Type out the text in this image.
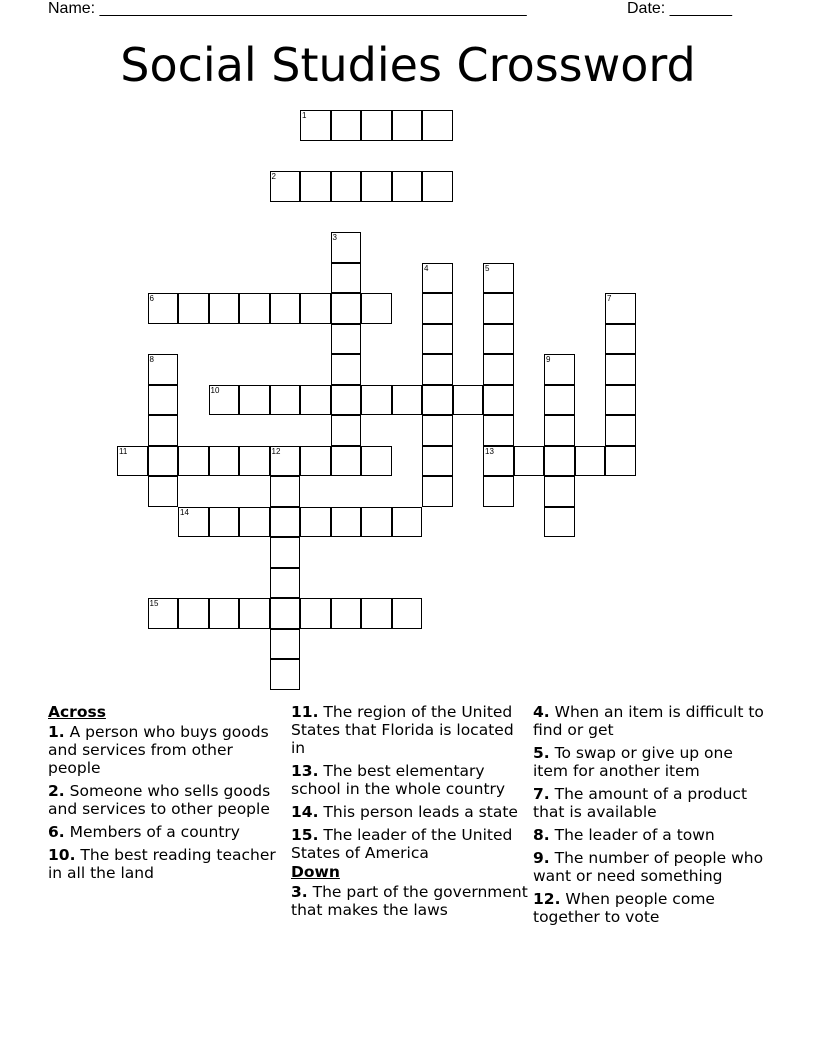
Name: ________________________________________________	Date: _______
Social Studies Crossword
1
2
3
4	5
13
6	7
8	9
10
11	12
14
15
Across
1. A person who buys goods and services from other people
2. Someone who sells goods and services to other people
6. Members of a country
10. The best reading teacher in all the land
11. The region of the United States that Florida is located in
13. The best elementary school in the whole country
14. This person leads a state
15. The leader of the United States of America
Down
3. The part of the government that makes the laws
4. When an item is difficult to find or get
5. To swap or give up one item for another item
7. The amount of a product that is available
8. The leader of a town
9. The number of people who want or need something
12. When people come together to vote
